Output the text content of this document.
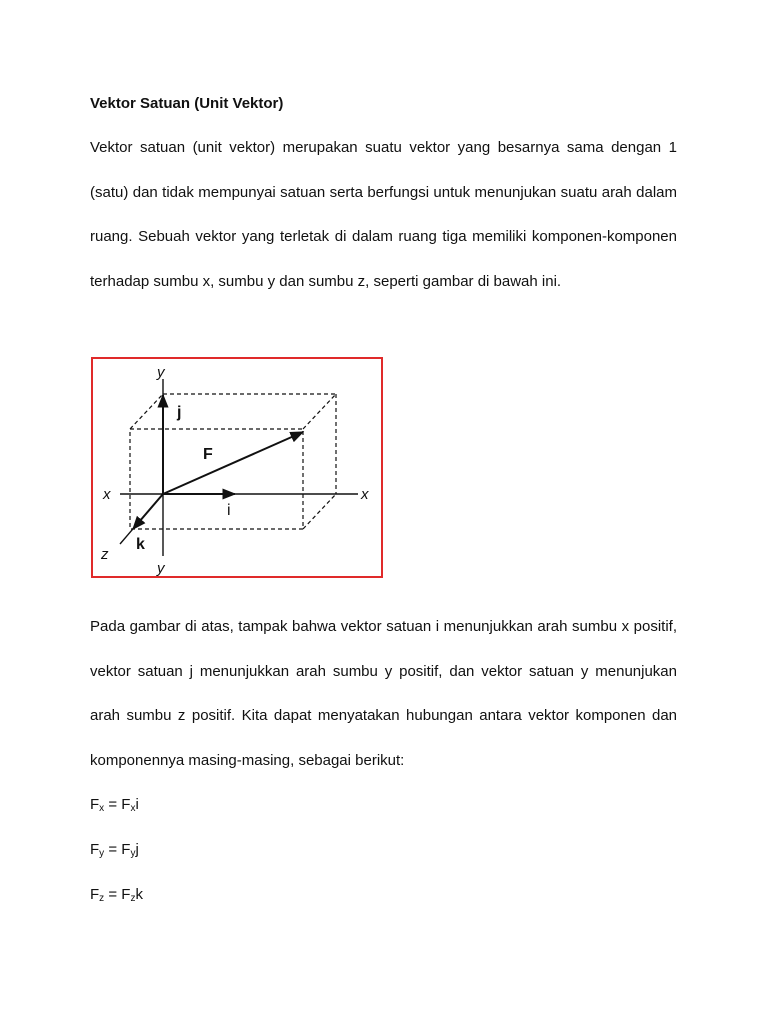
Vektor Satuan (Unit Vektor)

Vektor satuan (unit vektor) merupakan suatu vektor yang besarnya sama dengan 1 (satu) dan tidak mempunyai satuan serta berfungsi untuk menunjukan suatu arah dalam ruang. Sebuah vektor yang terletak di dalam ruang tiga memiliki komponen-komponen terhadap sumbu x, sumbu y dan sumbu z, seperti gambar di bawah ini.

y
y
x	x
z
j
i
k
F

Pada gambar di atas, tampak bahwa vektor satuan i menunjukkan arah sumbu x positif, vektor satuan j menunjukkan arah sumbu y positif, dan vektor satuan y menunjukan arah sumbu z positif. Kita dapat menyatakan hubungan antara vektor komponen dan komponennya masing-masing, sebagai berikut:

$F_x = F_xi$

$F_y = F_yj$

$F_z = F_zk$
